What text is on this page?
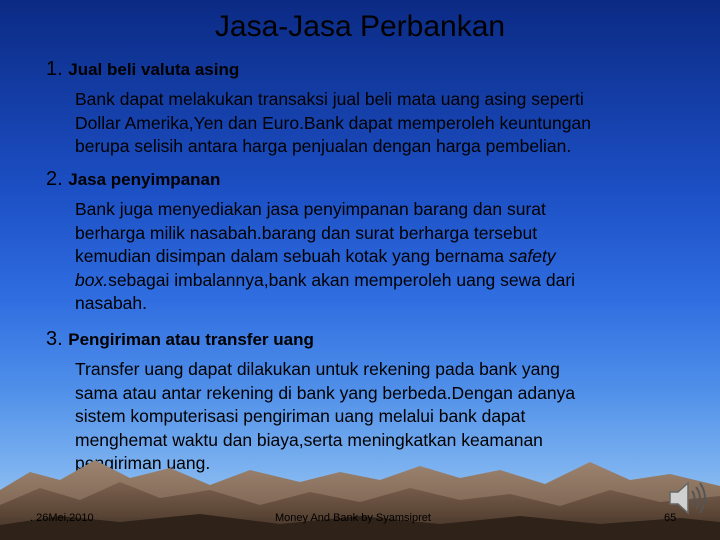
Jasa-Jasa Perbankan
1. Jual beli valuta asing
Bank dapat melakukan transaksi jual beli mata uang asing seperti
Dollar Amerika,Yen dan Euro.Bank dapat memperoleh keuntungan
berupa selisih antara harga penjualan dengan harga pembelian.
2. Jasa penyimpanan
Bank juga menyediakan jasa penyimpanan barang dan surat
berharga milik nasabah.barang dan surat berharga tersebut
kemudian disimpan dalam sebuah kotak yang bernama safety
box.sebagai imbalannya,bank akan memperoleh uang sewa dari
nasabah.
3. Pengiriman atau transfer uang
Transfer uang dapat dilakukan untuk rekening pada bank yang
sama atau antar rekening di bank yang berbeda.Dengan adanya
sistem komputerisasi pengiriman uang melalui bank dapat
menghemat waktu dan biaya,serta meningkatkan keamanan
pengiriman uang.
. 26Mei,2010	Money And Bank by Syamsipret	65
